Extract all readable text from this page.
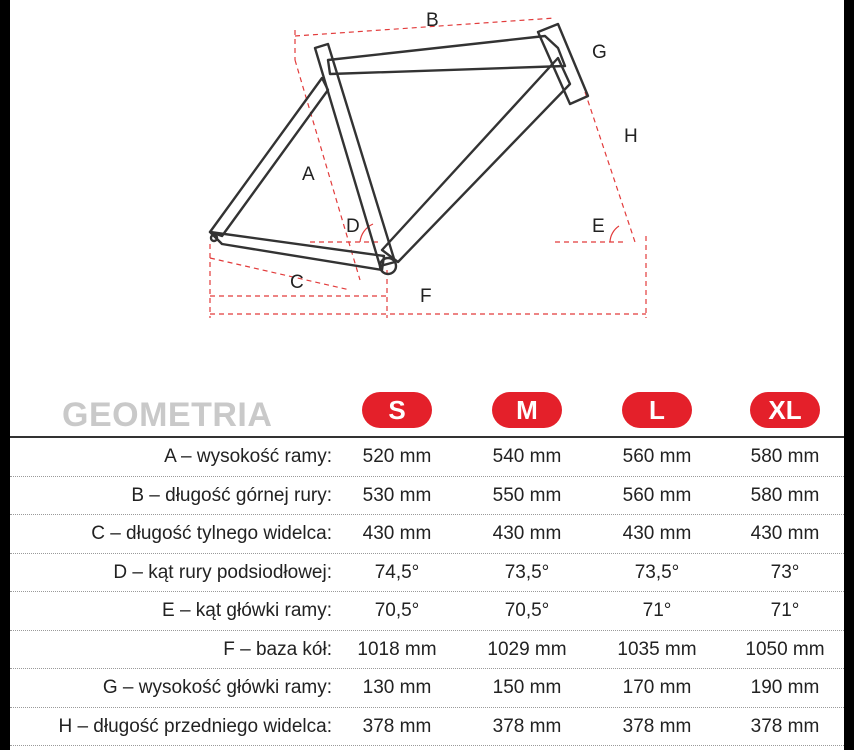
B
G
H
A
D	E
C
F
GEOMETRIA	S	M	L	XL
A – wysokość ramy:	520 mm	540 mm	560 mm	580 mm
B – długość górnej rury:	530 mm	550 mm	560 mm	580 mm
C – długość tylnego widelca:	430 mm	430 mm	430 mm	430 mm
D – kąt rury podsiodłowej:	74,5°	73,5°	73,5°	73°
E – kąt główki ramy:	70,5°	70,5°	71°	71°
F – baza kół:	1018 mm	1029 mm	1035 mm	1050 mm
G – wysokość główki ramy:	130 mm	150 mm	170 mm	190 mm
H – długość przedniego widelca:	378 mm	378 mm	378 mm	378 mm
